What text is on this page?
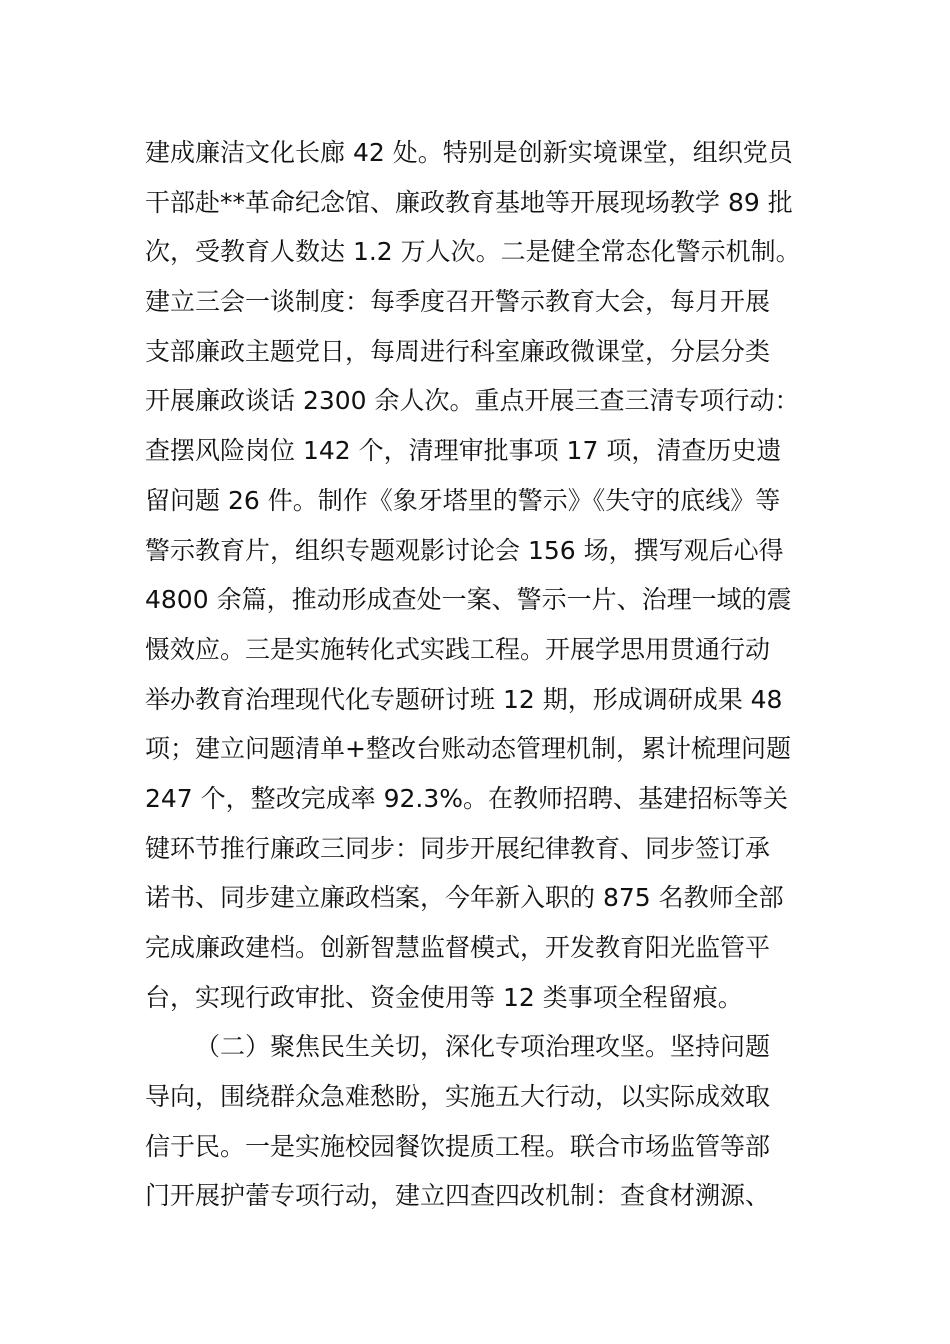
建成廉洁文化长廊 42 处。特别是创新实境课堂，组织党员
干部赴**革命纪念馆、廉政教育基地等开展现场教学 89 批
次，受教育人数达 1.2 万人次。二是健全常态化警示机制。
建立三会一谈制度：每季度召开警示教育大会，每月开展
支部廉政主题党日，每周进行科室廉政微课堂，分层分类
开展廉政谈话 2300 余人次。重点开展三查三清专项行动：
查摆风险岗位 142 个，清理审批事项 17 项，清查历史遗
留问题 26 件。制作《象牙塔里的警示》《失守的底线》等
警示教育片，组织专题观影讨论会 156 场，撰写观后心得
4800 余篇，推动形成查处一案、警示一片、治理一域的震
慑效应。三是实施转化式实践工程。开展学思用贯通行动
举办教育治理现代化专题研讨班 12 期，形成调研成果 48
项；建立问题清单+整改台账动态管理机制，累计梳理问题
247 个，整改完成率 92.3%。在教师招聘、基建招标等关
键环节推行廉政三同步：同步开展纪律教育、同步签订承
诺书、同步建立廉政档案，今年新入职的 875 名教师全部
完成廉政建档。创新智慧监督模式，开发教育阳光监管平
台，实现行政审批、资金使用等 12 类事项全程留痕。
（二）聚焦民生关切，深化专项治理攻坚。坚持问题
导向，围绕群众急难愁盼，实施五大行动，以实际成效取
信于民。一是实施校园餐饮提质工程。联合市场监管等部
门开展护蕾专项行动，建立四查四改机制：查食材溯源、
